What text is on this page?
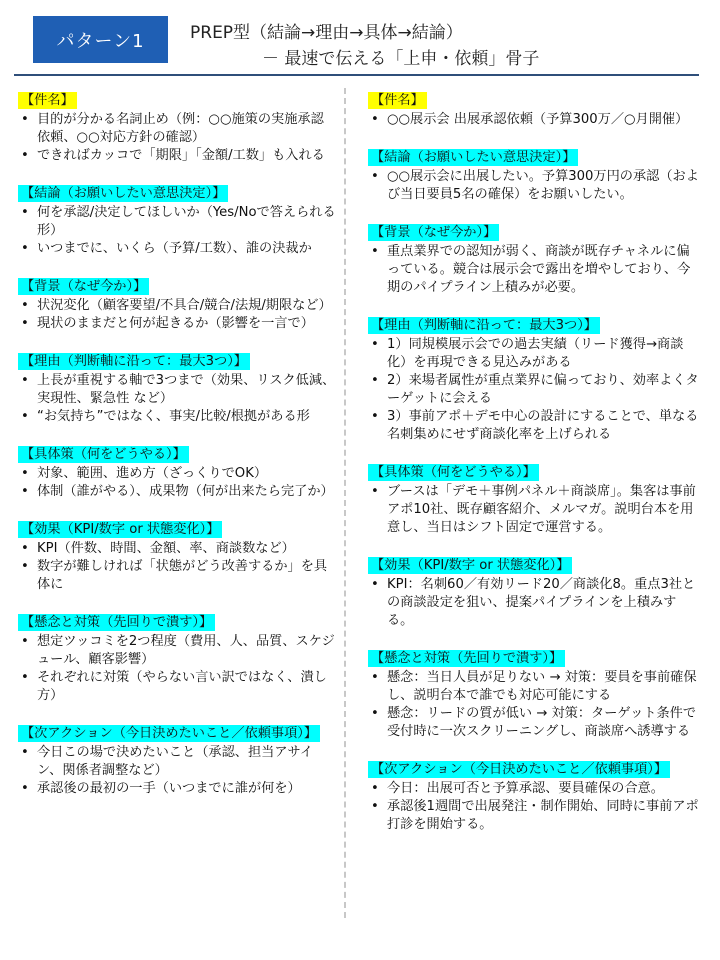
パターン1	PREP型（結論→理由→具体→結論）
－ 最速で伝える「上申・依頼」骨子
【件名】
• 目的が分かる名詞止め（例：○○施策の実施承認依頼、○○対応方針の確認）
• できればカッコで「期限」「金額/工数」も入れる
【結論（お願いしたい意思決定）】
• 何を承認/決定してほしいか（Yes/Noで答えられる形）
• いつまでに、いくら（予算/工数）、誰の決裁か
【背景（なぜ今か）】
• 状況変化（顧客要望/不具合/競合/法規/期限など）
• 現状のままだと何が起きるか（影響を一言で）
【理由（判断軸に沿って：最大3つ）】
• 上長が重視する軸で3つまで（効果、リスク低減、実現性、緊急性 など）
• “お気持ち”ではなく、事実/比較/根拠がある形
【具体策（何をどうやる）】
• 対象、範囲、進め方（ざっくりでOK）
• 体制（誰がやる）、成果物（何が出来たら完了か）
【効果（KPI/数字 or 状態変化）】
• KPI（件数、時間、金額、率、商談数など）
• 数字が難しければ「状態がどう改善するか」を具体に
【懸念と対策（先回りで潰す）】
• 想定ツッコミを2つ程度（費用、人、品質、スケジュール、顧客影響）
• それぞれに対策（やらない言い訳ではなく、潰し方）
【次アクション（今日決めたいこと／依頼事項）】
• 今日この場で決めたいこと（承認、担当アサイン、関係者調整など）
• 承認後の最初の一手（いつまでに誰が何を）
【件名】
• ○○展示会 出展承認依頼（予算300万／○月開催）
【結論（お願いしたい意思決定）】
• ○○展示会に出展したい。予算300万円の承認（および当日要員5名の確保）をお願いしたい。
【背景（なぜ今か）】
• 重点業界での認知が弱く、商談が既存チャネルに偏っている。競合は展示会で露出を増やしており、今期のパイプライン上積みが必要。
【理由（判断軸に沿って：最大3つ）】
• 1）同規模展示会での過去実績（リード獲得→商談化）を再現できる見込みがある
• 2）来場者属性が重点業界に偏っており、効率よくターゲットに会える
• 3）事前アポ＋デモ中心の設計にすることで、単なる名刺集めにせず商談化率を上げられる
【具体策（何をどうやる）】
• ブースは「デモ＋事例パネル＋商談席」。集客は事前アポ10社、既存顧客紹介、メルマガ。説明台本を用意し、当日はシフト固定で運営する。
【効果（KPI/数字 or 状態変化）】
• KPI：名刺60／有効リード20／商談化8。重点3社との商談設定を狙い、提案パイプラインを上積みする。
【懸念と対策（先回りで潰す）】
• 懸念：当日人員が足りない → 対策：要員を事前確保し、説明台本で誰でも対応可能にする
• 懸念：リードの質が低い → 対策：ターゲット条件で受付時に一次スクリーニングし、商談席へ誘導する
【次アクション（今日決めたいこと／依頼事項）】
• 今日：出展可否と予算承認、要員確保の合意。
• 承認後1週間で出展発注・制作開始、同時に事前アポ打診を開始する。
